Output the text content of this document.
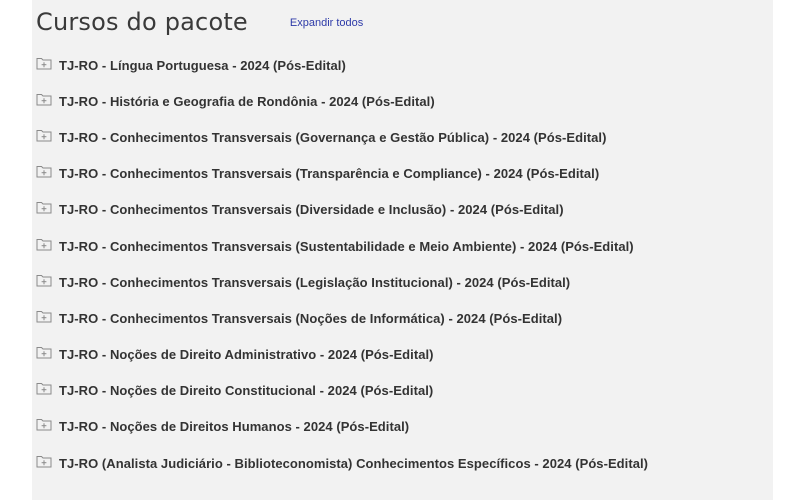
Cursos do pacote	Expandir todos
TJ-RO - Língua Portuguesa - 2024 (Pós-Edital)
TJ-RO - História e Geografia de Rondônia - 2024 (Pós-Edital)
TJ-RO - Conhecimentos Transversais (Governança e Gestão Pública) - 2024 (Pós-Edital)
TJ-RO - Conhecimentos Transversais (Transparência e Compliance) - 2024 (Pós-Edital)
TJ-RO - Conhecimentos Transversais (Diversidade e Inclusão) - 2024 (Pós-Edital)
TJ-RO - Conhecimentos Transversais (Sustentabilidade e Meio Ambiente) - 2024 (Pós-Edital)
TJ-RO - Conhecimentos Transversais (Legislação Institucional) - 2024 (Pós-Edital)
TJ-RO - Conhecimentos Transversais (Noções de Informática) - 2024 (Pós-Edital)
TJ-RO - Noções de Direito Administrativo - 2024 (Pós-Edital)
TJ-RO - Noções de Direito Constitucional - 2024 (Pós-Edital)
TJ-RO - Noções de Direitos Humanos - 2024 (Pós-Edital)
TJ-RO (Analista Judiciário - Biblioteconomista) Conhecimentos Específicos - 2024 (Pós-Edital)
